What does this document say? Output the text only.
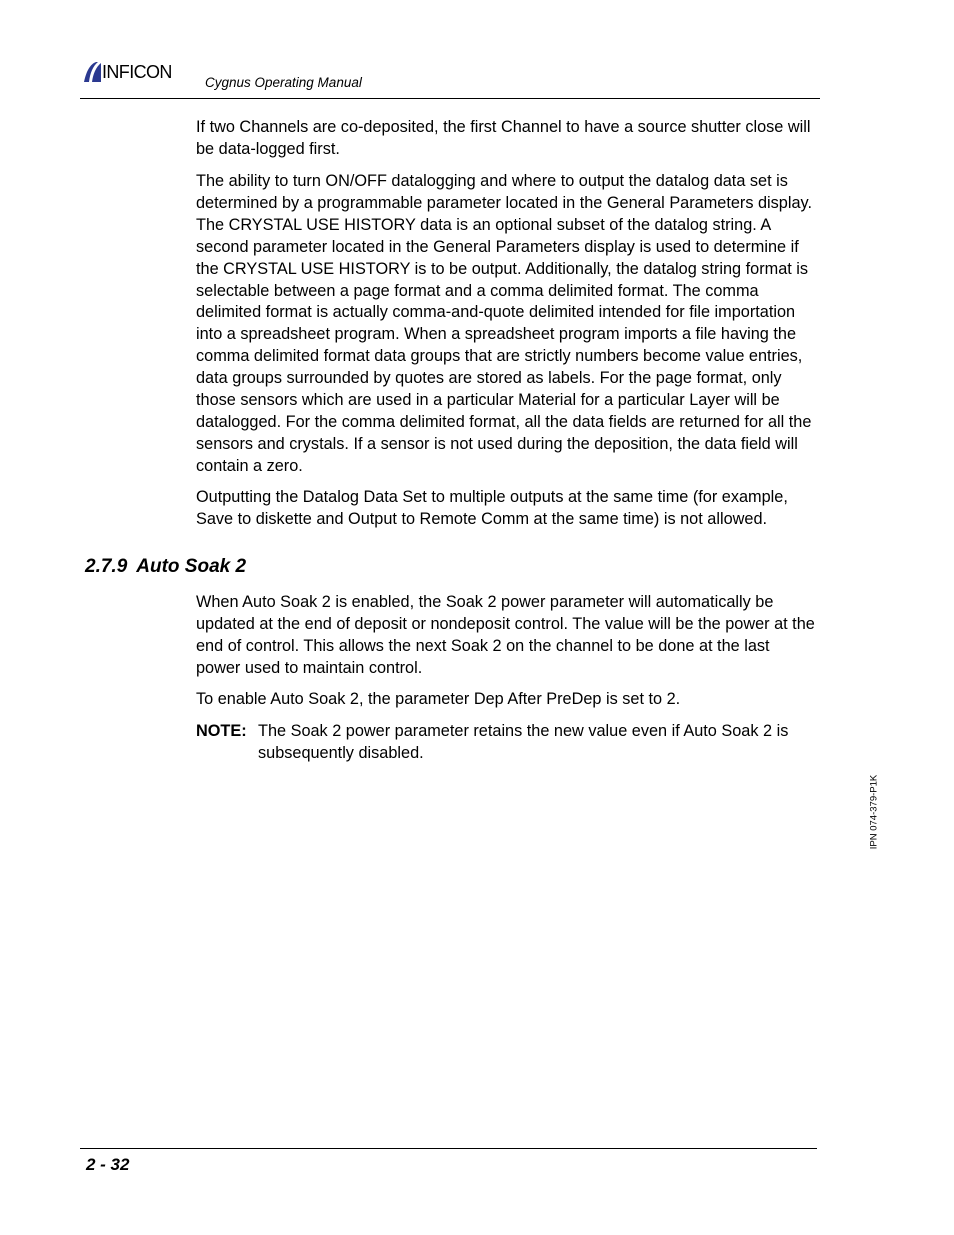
INFICON
Cygnus Operating Manual

If two Channels are co-deposited, the first Channel to have a source shutter close will be data-logged first.

The ability to turn ON/OFF datalogging and where to output the datalog data set is determined by a programmable parameter located in the General Parameters display. The CRYSTAL USE HISTORY data is an optional subset of the datalog string. A second parameter located in the General Parameters display is used to determine if the CRYSTAL USE HISTORY is to be output. Additionally, the datalog string format is selectable between a page format and a comma delimited format. The comma delimited format is actually comma-and-quote delimited intended for file importation into a spreadsheet program. When a spreadsheet program imports a file having the comma delimited format data groups that are strictly numbers become value entries, data groups surrounded by quotes are stored as labels. For the page format, only those sensors which are used in a particular Material for a particular Layer will be datalogged. For the comma delimited format, all the data fields are returned for all the sensors and crystals. If a sensor is not used during the deposition, the data field will contain a zero.

Outputting the Datalog Data Set to multiple outputs at the same time (for example, Save to diskette and Output to Remote Comm at the same time) is not allowed.

2.7.9 Auto Soak 2

When Auto Soak 2 is enabled, the Soak 2 power parameter will automatically be updated at the end of deposit or nondeposit control. The value will be the power at the end of control. This allows the next Soak 2 on the channel to be done at the last power used to maintain control.

To enable Auto Soak 2, the parameter Dep After PreDep is set to 2.

NOTE: The Soak 2 power parameter retains the new value even if Auto Soak 2 is subsequently disabled.
IPN 074-379-P1K
2 - 32
